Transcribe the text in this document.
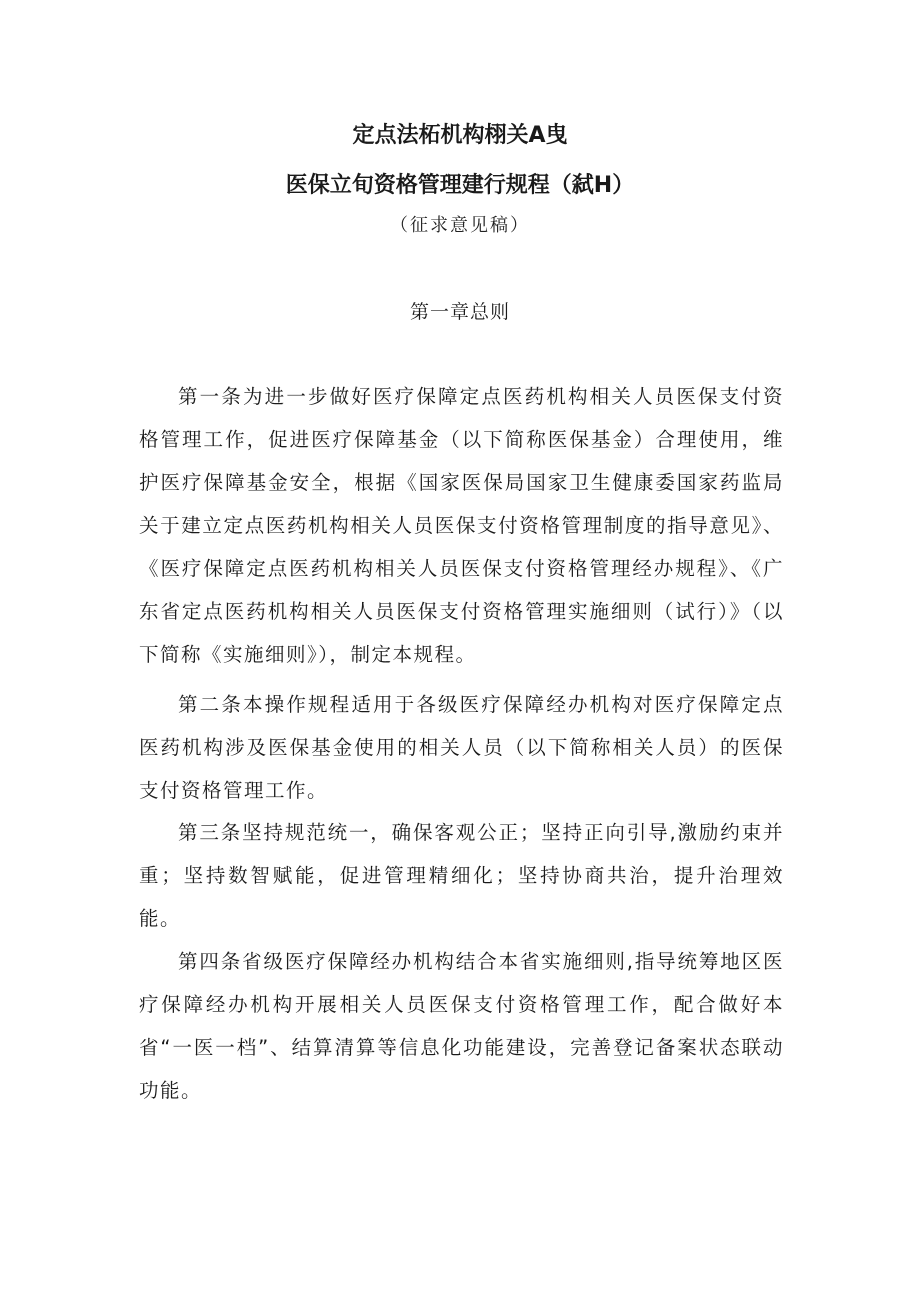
定点法柘机构栩关A曳
医保立旬资格管理建行规程（弑H）
（征求意见稿）
第一章总则

第一条为进一步做好医疗保障定点医药机构相关人员医保支付资格管理工作，促进医疗保障基金（以下简称医保基金）合理使用，维护医疗保障基金安全，根据《国家医保局国家卫生健康委国家药监局关于建立定点医药机构相关人员医保支付资格管理制度的指导意见》、《医疗保障定点医药机构相关人员医保支付资格管理经办规程》、《广东省定点医药机构相关人员医保支付资格管理实施细则（试行）》（以下简称《实施细则》），制定本规程。

第二条本操作规程适用于各级医疗保障经办机构对医疗保障定点医药机构涉及医保基金使用的相关人员（以下简称相关人员）的医保支付资格管理工作。

第三条坚持规范统一，确保客观公正；坚持正向引导,激励约束并重；坚持数智赋能，促进管理精细化；坚持协商共治，提升治理效能。

第四条省级医疗保障经办机构结合本省实施细则,指导统筹地区医疗保障经办机构开展相关人员医保支付资格管理工作，配合做好本省“一医一档”、结算清算等信息化功能建设，完善登记备案状态联动功能。
